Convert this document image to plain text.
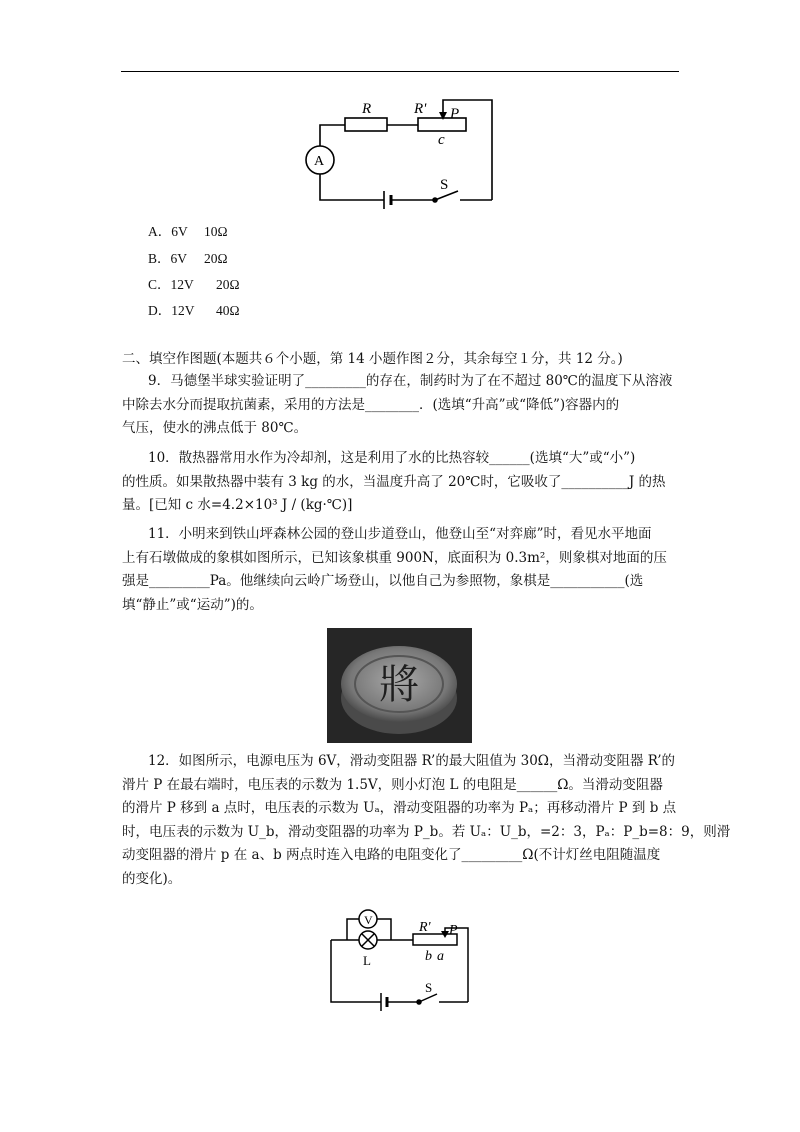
R	R' P
c
A
S
A．6V 10Ω
B．6V 20Ω
C．12V 20Ω
D．12V 40Ω
二、填空作图题(本题共６个小题，第 14 小题作图２分，其余每空１分，共 12 分。)
9．马德堡半球实验证明了_________的存在，制药时为了在不超过 80℃的温度下从溶液
中除去水分而提取抗菌素，采用的方法是________．(选填“升高”或“降低”)容器内的
气压，使水的沸点低于 80℃。
10．散热器常用水作为冷却剂，这是利用了水的比热容较______(选填“大”或“小”)
的性质。如果散热器中装有 3 kg 的水，当温度升高了 20℃时，它吸收了__________J 的热
量。[已知 c 水=4.2×10³ J / (kg·℃)]
11．小明来到铁山坪森林公园的登山步道登山，他登山至“对弈廊”时，看见水平地面
上有石墩做成的象棋如图所示，已知该象棋重 900N，底面积为 0.3m²，则象棋对地面的压
强是_________Pa。他继续向云岭广场登山，以他自己为参照物，象棋是___________(选
填“静止”或“运动”)的。
將
12．如图所示，电源电压为 6V，滑动变阻器 R’的最大阻值为 30Ω，当滑动变阻器 R’的
滑片 P 在最右端时，电压表的示数为 1.5V，则小灯泡 L 的电阻是______Ω。当滑动变阻器
的滑片 P 移到 a 点时，电压表的示数为 Uₐ，滑动变阻器的功率为 Pₐ；再移动滑片 P 到 b 点
时，电压表的示数为 U_b，滑动变阻器的功率为 P_b。若 Uₐ：U_b，=2：3，Pₐ：P_b=8：9，则滑
动变阻器的滑片 p 在 a、b 两点时连入电路的电阻变化了_________Ω(不计灯丝电阻随温度
的变化)。
V
L
R' P
b a
S
